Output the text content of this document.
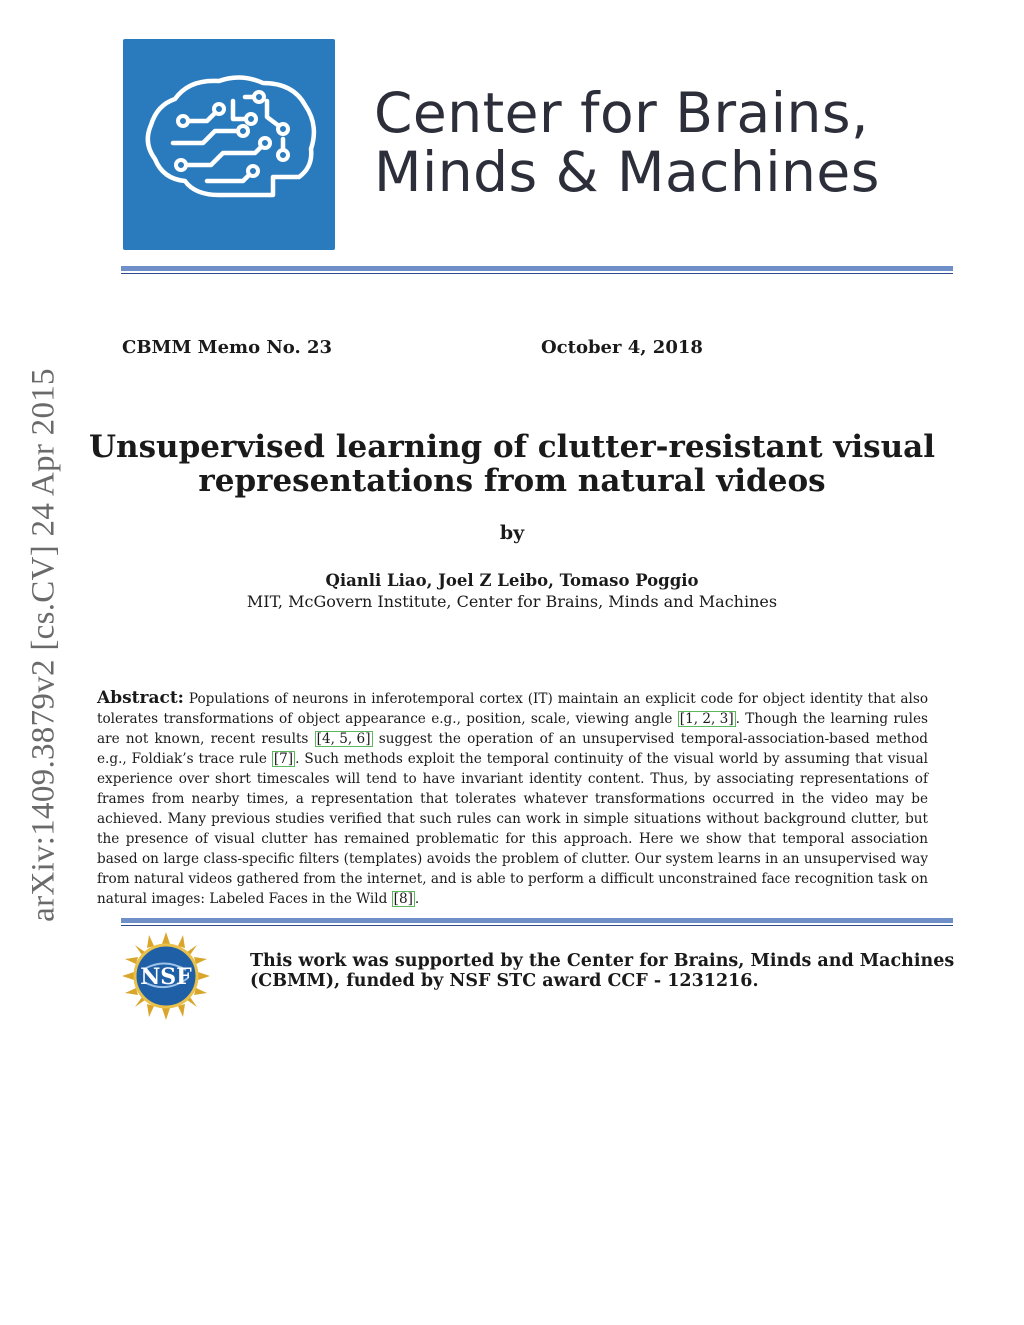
Center for Brains,
Minds & Machines
CBMM Memo No. 23	October 4, 2018
arXiv:1409.3879v2 [cs.CV] 24 Apr 2015 Unsupervised learning of clutter-resistant visual
representations from natural videos
by
Qianli Liao, Joel Z Leibo, Tomaso Poggio
MIT, McGovern Institute, Center for Brains, Minds and Machines
Abstract: Populations of neurons in inferotemporal cortex (IT) maintain an explicit code for object identity that also tolerates transformations of object appearance e.g., position, scale, viewing angle [1, 2, 3] . Though the learning rules are not known, recent results [4, 5, 6] suggest the operation of an unsupervised temporal-association-based method e.g., Foldiak’s trace rule [7] . Such methods exploit the temporal continuity of the visual world by assuming that visual experience over short timescales will tend to have invariant identity content. Thus, by associating representations of frames from nearby times, a representation that tolerates whatever transformations occurred in the video may be achieved. Many previous studies verified that such rules can work in simple situations without background clutter, but the presence of visual clutter has remained problematic for this approach. Here we show that temporal association based on large class-specific filters (templates) avoids the problem of clutter. Our system learns in an unsupervised way from natural videos gathered from the internet, and is able to perform a difficult unconstrained face recognition task on natural images: Labeled Faces in the Wild [8] .
NSF
This work was supported by the Center for Brains, Minds and Machines
(CBMM), funded by NSF STC award CCF - 1231216.
